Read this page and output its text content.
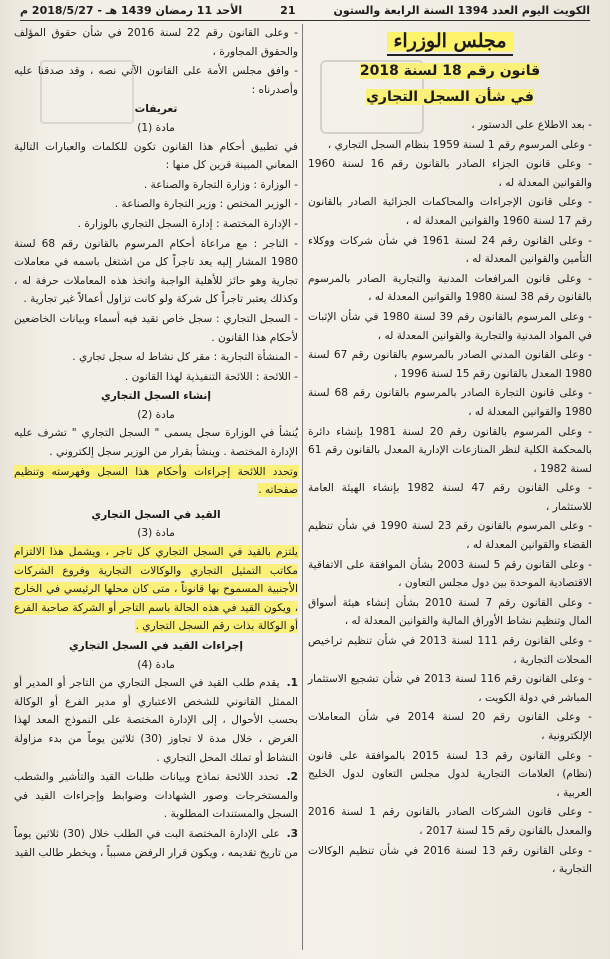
الكويت اليوم العدد 1394 السنة الرابعة والستون
21
الأحد 11 رمضان 1439 هـ - 2018/5/27 م
مجلس الوزراء
قانون رقم 18 لسنة 2018
في شأن السجل التجاري
- بعد الاطلاع على الدستور ،
- وعلى المرسوم رقم 1 لسنة 1959 بنظام السجل التجاري ،
- وعلى قانون الجزاء الصادر بالقانون رقم 16 لسنة 1960 والقوانين المعدلة له ،
- وعلى قانون الإجراءات والمحاكمات الجزائية الصادر بالقانون رقم 17 لسنة 1960 والقوانين المعدلة له ،
- وعلى القانون رقم 24 لسنة 1961 في شأن شركات ووكلاء التأمين والقوانين المعدلة له ،
- وعلى قانون المرافعات المدنية والتجارية الصادر بالمرسوم بالقانون رقم 38 لسنة 1980 والقوانين المعدلة له ،
- وعلى المرسوم بالقانون رقم 39 لسنة 1980 في شأن الإثبات في المواد المدنية والتجارية والقوانين المعدلة له ،
- وعلى القانون المدني الصادر بالمرسوم بالقانون رقم 67 لسنة 1980 المعدل بالقانون رقم 15 لسنة 1996 ،
- وعلى قانون التجارة الصادر بالمرسوم بالقانون رقم 68 لسنة 1980 والقوانين المعدلة له ،
- وعلى المرسوم بالقانون رقم 20 لسنة 1981 بإنشاء دائرة بالمحكمة الكلية لنظر المنازعات الإدارية المعدل بالقانون رقم 61 لسنة 1982 ،
- وعلى القانون رقم 47 لسنة 1982 بإنشاء الهيئة العامة للاستثمار ،
- وعلى المرسوم بالقانون رقم 23 لسنة 1990 في شأن تنظيم القضاء والقوانين المعدلة له ،
- وعلى القانون رقم 5 لسنة 2003 بشأن الموافقة على الاتفاقية الاقتصادية الموحدة بين دول مجلس التعاون ،
- وعلى القانون رقم 7 لسنة 2010 بشأن إنشاء هيئة أسواق المال وتنظيم نشاط الأوراق المالية والقوانين المعدلة له ،
- وعلى القانون رقم 111 لسنة 2013 في شأن تنظيم تراخيص المحلات التجارية ،
- وعلى القانون رقم 116 لسنة 2013 في شأن تشجيع الاستثمار المباشر في دولة الكويت ،
- وعلى القانون رقم 20 لسنة 2014 في شأن المعاملات الإلكترونية ،
- وعلى القانون رقم 13 لسنة 2015 بالموافقة على قانون (نظام) العلامات التجارية لدول مجلس التعاون لدول الخليج العربية ،
- وعلى قانون الشركات الصادر بالقانون رقم 1 لسنة 2016 والمعدل بالقانون رقم 15 لسنة 2017 ،
- وعلى القانون رقم 13 لسنة 2016 في شأن تنظيم الوكالات التجارية ،
- وعلى القانون رقم 22 لسنة 2016 في شأن حقوق المؤلف والحقوق المجاورة ،
- وافق مجلس الأمة على القانون الآتي نصه ، وقد صدقنا عليه وأصدرناه :
تعريفات
مادة (1)
في تطبيق أحكام هذا القانون تكون للكلمات والعبارات التالية المعاني المبينة قرين كل منها :
- الوزارة : وزارة التجارة والصناعة .
- الوزير المختص : وزير التجارة والصناعة .
- الإدارة المختصة : إدارة السجل التجاري بالوزارة .
- التاجر : مع مراعاة أحكام المرسوم بالقانون رقم 68 لسنة 1980 المشار إليه يعد تاجراً كل من اشتغل باسمه في معاملات تجارية وهو حائز للأهلية الواجبة واتخذ هذه المعاملات حرفة له ، وكذلك يعتبر تاجراً كل شركة ولو كانت تزاول أعمالاً غير تجارية .
- السجل التجاري : سجل خاص تقيد فيه أسماء وبيانات الخاضعين لأحكام هذا القانون .
- المنشأة التجارية : مقر كل نشاط له سجل تجاري .
- اللائحة : اللائحة التنفيذية لهذا القانون .
إنشاء السجل التجاري
مادة (2)
يُنشأ في الوزارة سجل يسمى " السجل التجاري " تشرف عليه الإدارة المختصة . وينشأ بقرار من الوزير سجل إلكتروني .
وتحدد اللائحة إجراءات وأحكام هذا السجل وفهرسته وتنظيم صفحاته .
القيد في السجل التجاري
مادة (3)
يلتزم بالقيد في السجل التجاري كل تاجر ، ويشمل هذا الالتزام مكاتب التمثيل التجاري والوكالات التجارية وفروع الشركات الأجنبية المسموح بها قانوناً ، متى كان محلها الرئيسي في الخارج ، ويكون القيد في هذه الحالة باسم التاجر أو الشركة صاحبة الفرع أو الوكالة بذات رقم السجل التجاري .
إجراءات القيد في السجل التجاري
مادة (4)
1. يقدم طلب القيد في السجل التجاري من التاجر أو المدير أو الممثل القانوني للشخص الاعتباري أو مدير الفرع أو الوكالة بحسب الأحوال ، إلى الإدارة المختصة على النموذج المعد لهذا الغرض ، خلال مدة لا تجاوز (30) ثلاثين يوماً من بدء مزاولة النشاط أو تملك المحل التجاري .
2. تحدد اللائحة نماذج وبيانات طلبات القيد والتأشير والشطب والمستخرجات وصور الشهادات وضوابط وإجراءات القيد في السجل والمستندات المطلوبة .
3. على الإدارة المختصة البت في الطلب خلال (30) ثلاثين يوماً من تاريخ تقديمه ، ويكون قرار الرفض مسبباً ، ويخطر طالب القيد
